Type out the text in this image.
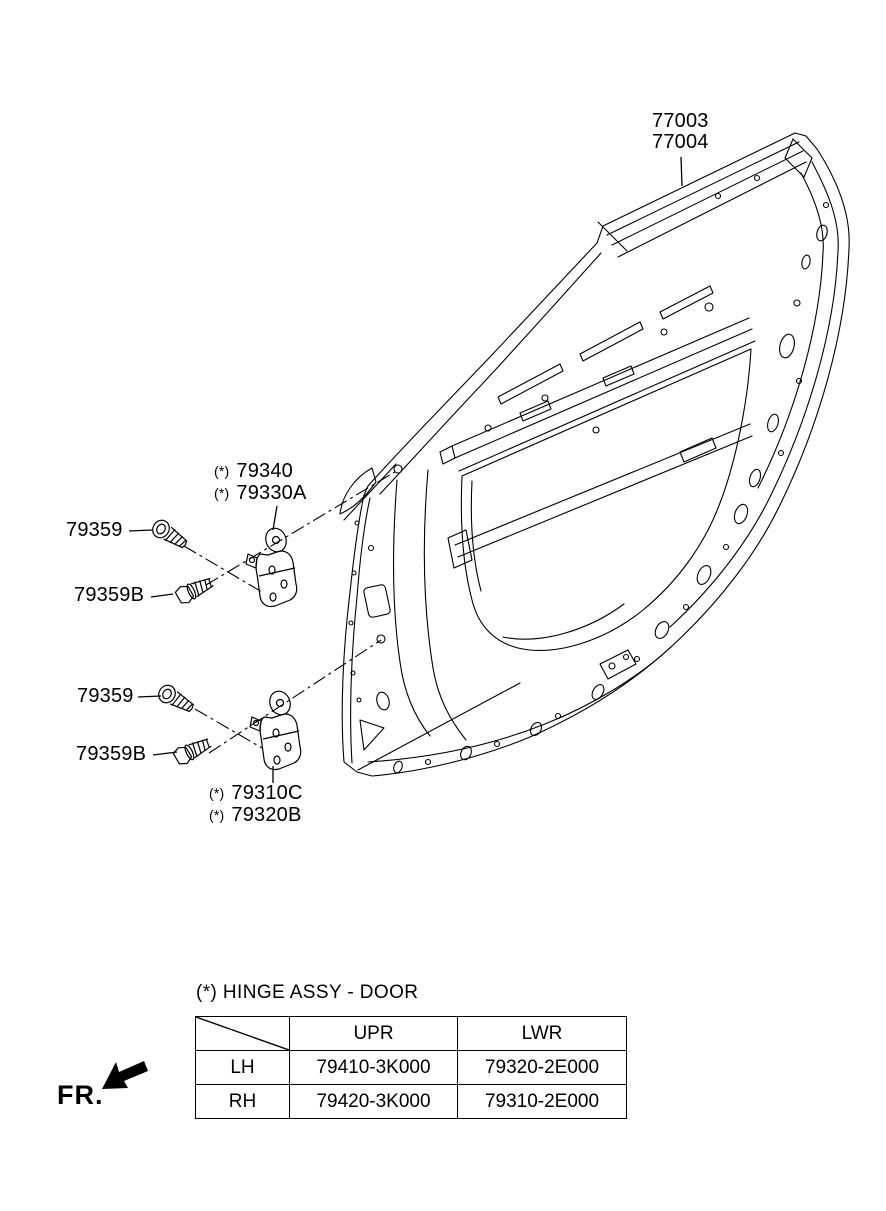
77003
77004
(*) 79340
(*) 79330A
79359
79359B
79359
79359B
(*) 79310C
(*) 79320B
(*) HINGE ASSY - DOOR
	UPR	LWR
LH	79410-3K000	79320-2E000
RH	79420-3K000	79310-2E000
FR.
